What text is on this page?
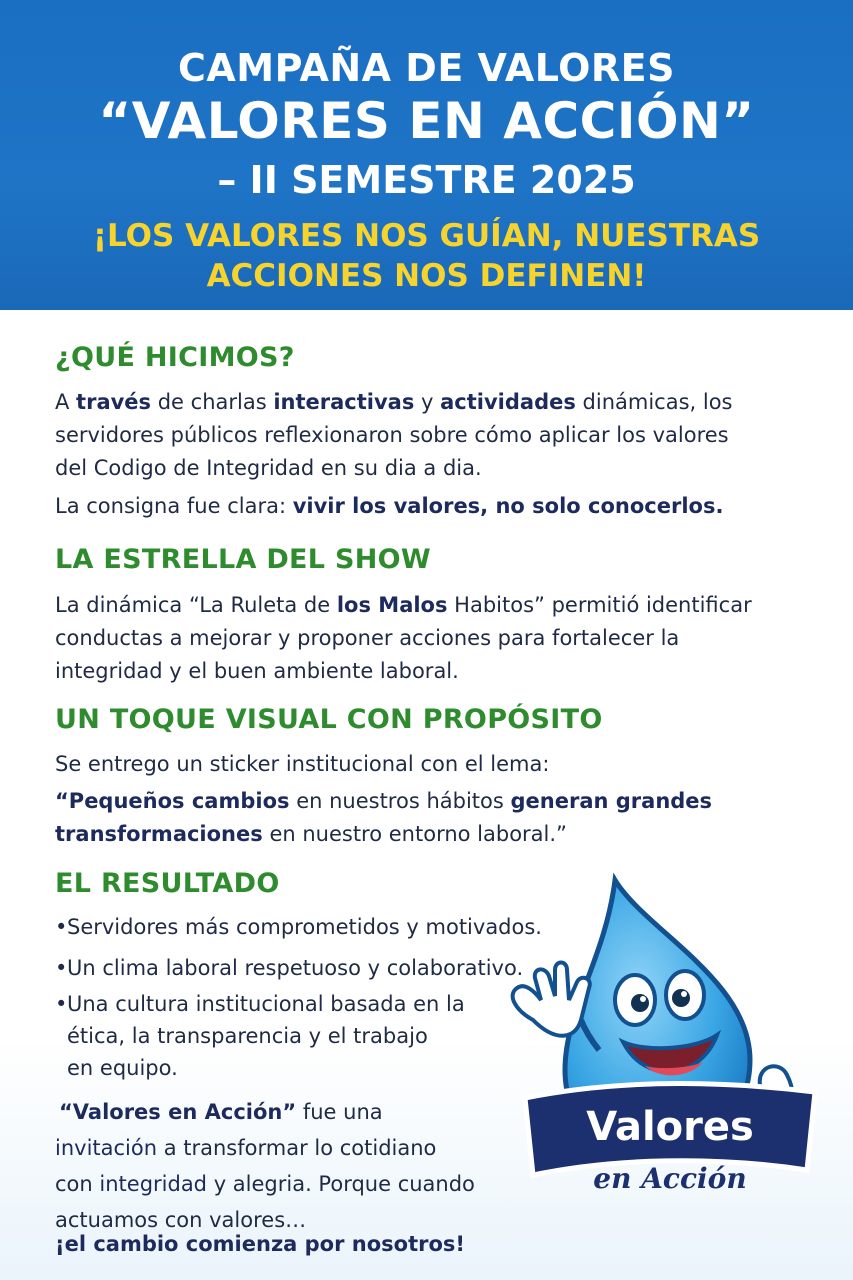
CAMPAÑA DE VALORES
“VALORES EN ACCIÓN”
– II SEMESTRE 2025
¡LOS VALORES NOS GUÍAN, NUESTRAS ACCIONES NOS DEFINEN!
¿QUÉ HICIMOS?
A través de charlas interactivas y actividades dinámicas, los
servidores públicos reflexionaron sobre cómo aplicar los valores
del Codigo de Integridad en su dia a dia.
La consigna fue clara: vivir los valores, no solo conocerlos.
LA ESTRELLA DEL SHOW
La dinámica “La Ruleta de los Malos Habitos” permitió identificar
conductas a mejorar y proponer acciones para fortalecer la
integridad y el buen ambiente laboral.
UN TOQUE VISUAL CON PROPÓSITO
Se entrego un sticker institucional con el lema:
“Pequeños cambios en nuestros hábitos generan grandes
transformaciones en nuestro entorno laboral.”
EL RESULTADO
•Servidores más comprometidos y motivados.
•Un clima laboral respetuoso y colaborativo.
•Una cultura institucional basada en la
ética, la transparencia y el trabajo
en equipo.
“Valores en Acción” fue una
invitación a transformar lo cotidiano
con integridad y alegria. Porque cuando
actuamos con valores…
¡el cambio comienza por nosotros!
Valores
en Acción
